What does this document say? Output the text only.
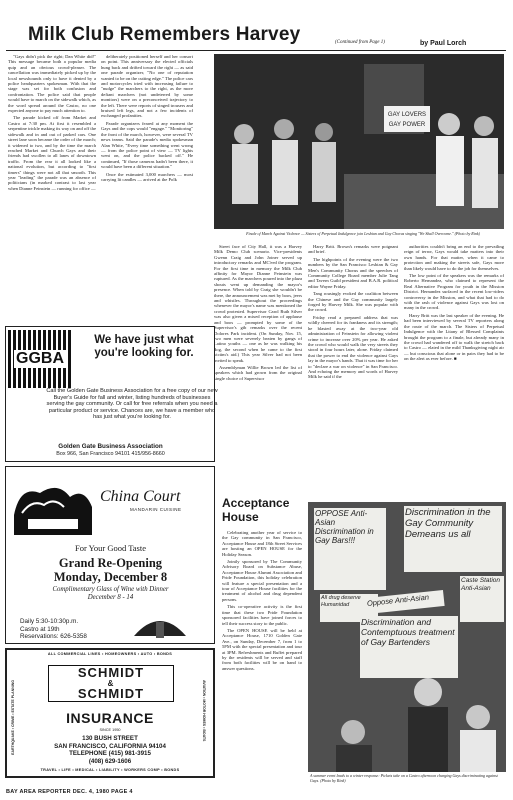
Milk Club Remembers Harvey	(Continued from Page 1)	by Paul Lorch

"Gays didn't pick the right; Dan White did!" This message became both a popular media quip and an obvious crowd-pleaser. The cancellation was immediately picked up by the local newshounds only to have it denied by a police headquarters spokesman. With that the stage was set for both confusion and confrontation. The police said that people would have to march on the sidewalk which, as the word spread around the Castro, no one expected anyone to pay much attention to.

The parade kicked off from Market and Castro at 7:30 pm. At first it resembled a serpentine trickle making its way on and off the sidewalk and in and out of parked cars. One street lane soon became the order of the march; it widened to two, and by the time the march reached Market and Church Gays and their friends had swollen to all lanes of downtown traffic. From the rear it all looked like a national evolution, but according to "first timers" things were not all that smooth. This year "leading" the parade was an absence of politicians (in marked contrast to last year when Dianne Feinstein — running for office —

deliberately positioned herself and her consort on point. This anniversary the elected officials hung back and drifted toward the right — as said one parade organizer, "No one of reputation wanted to be on the cutting edge." The police cars and motorcycles tried with increasing failure to "nudge" the marchers to the right, as the more defiant marchers (not undeterred by some monitors) were on a preconceived trajectory to the left. There were reports of singed trousers and bruised left legs, and not a few incidents of exchanged profanities.

Parade organizers feared at any moment the Gays and the cops would "engage." "Monitoring" the front of the march, however, were several TV news teams. Said the parade's media spokesman Alan White, "Every time something went wrong — from the police point of view — TV lights went on, and the police backed off." He continued, "If those cameras hadn't been there, it would have been a different situation."

Once the estimated 3,000 marchers — most carrying lit candles — arrived at the Polk

GAY LOVERS
GAY POWER
Finale of March Against Violence — Sisters of Perpetual Indulgence join Lesbian and Gay Chorus singing "We Shall Overcome." (Photo by Rink)

Street face of City Hall, it was a Harvey Milk Demo Club scenario. Vice-presidents Gwenn Craig and John Joiner served up introductory remarks and MC'eed the program. For the first time in memory the Milk Club affinity for Mayor Dianne Feinstein was ruptured. As the marchers poured into the plaza shouts went up demanding the mayor's presence. When told by Craig she wouldn't be there, the announcement was met by boos, jeers and whistles. Throughout the proceedings whenever the mayor's name was mentioned the crowd protested. Supervisor Carol Ruth Silver was also given a mixed reception of applause and boos — prompted by some of the Supervisor's gib remarks over the recent Dolores Park incident. (On Sunday, Nov. 15, two men were severely beaten by gangs of Latino youths — one as he was walking his dog, the second when he came to the first victim's aid.) This year Silver had not been invited to speak.

Assemblyman Willie Brown led the list of speakers which had grown from the original single choice of Supervisor

Harry Britt. Brown's remarks were poignant and brief.

The highpoints of the evening were the two numbers by the San Francisco Lesbian & Gay Men's Community Chorus and the speeches of Community College Board member Julie Tang and Tavern Guild president and B.A.R. political editor Wayne Friday.

Tang rousingly evoked the coalition between the Chinese and the Gay community largely forged by Harvey Milk. She was popular with the crowd.

Friday read a prepared address that was wildly cheered for its frankness and its strength; he blasted away at the two-year old administration of Feinstein for allowing violent crime to increase over 20% per year. He asked the crowd who would walk the very streets they stood in four hours later, alone. Friday claimed that the power to end the violence against Gays lay in the mayor's hands. That it was time for her to "declare a war on violence" in San Francisco. And echoing the memory and words of Harvey Milk he said if the

authorities couldn't bring an end to the prevailing reign of terror, Gays would take matters into their own hands. For that matter, when it came to protection and making the streets safe, Gays more than likely would have to do the job for themselves.

The low point of the speakers was the remarks of Roberto Hernandez, who claimed to represent the Real Alternative Program for youth in the Mission District. Hernandez surfaced in the recent low-riders controversy in the Mission, and what that had to do with the rash of violence against Gays was lost on many in the crowd.

Harry Britt was the last speaker of the evening. He had been interviewed by several TV reporters along the route of the march. The Sisters of Perpetual Indulgence with the Litany of Blessed Complaints brought the program to a finale, but already many in the crowd had wandered off to walk the stretch back to Castro — elated in the mild Thanksgiving night air — but conscious that alone or in pairs they had to be on the alert as ever before. ■

GGBA
We have just what you're looking for.
Call the Golden Gate Business Association for a free copy of our new Buyer's Guide for fall and winter, listing hundreds of businesses serving the gay community. Or call for free referrals when you need a particular product or service. Chances are, we have a member who has just what you're looking for.
Golden Gate Business Association
Box 966, San Francisco 94101 415/956-8660
China Court
MANDARIN CUISINE
For Your Good Taste
Grand Re-Opening
Monday, December 8
Complimentary Glass of Wine with Dinner
December 8 - 14
Daily 5:30-10:30p.m.
Castro at 19th
Reservations: 626-5358
ALL COMMERCIAL LINES • HOMEOWNERS • AUTO • BONDS
EARTHQUAKE • CRIME • ESTATE PLANNING	AVIATION • MOTOR HOMES • BOATS
SCHMIDT
&
SCHMIDT
INSURANCE
SINCE 1950
130 BUSH STREET
SAN FRANCISCO, CALIFORNIA 94104
TELEPHONE (415) 981-3915
(408) 629-1606
TRAVEL • LIFE • MEDICAL • LIABILITY • WORKERS COMP • BONDS
Acceptance House

Celebrating another year of service to the Gay community in San Francisco, Acceptance House and 18th Street Services are hosting an OPEN HOUSE for the Holiday Season.

Jointly sponsored by The Community Advisory Board on Substance Abuse, Acceptance House Alumni Association and Pride Foundation, this holiday celebration will feature a special presentation and a tour of Acceptance House facilities for the treatment of alcohol and drug dependent persons.

This co-operative activity is the first time that these two Pride Foundation sponsored facilities have joined forces to tell their success story to the public.

The OPEN HOUSE will be held at Acceptance House, 1710 Golden Gate Ave., on Sunday, December 7, from 1 to 5PM with the special presentation and tour at 3PM. Refreshments and Buffet prepared by the residents will be served and staff from both facilities will be on hand to answer questions.

OPPOSE Anti-Asian Discrimination in Gay Bars!!!
All drug deserve Humanidad
Discrimination in the Gay Community Demeans us all
Oppose Anti-Asian
Discrimination and Contemptuous treatment of Gay Bartenders
Caste Station Anti-Asian
A summer event leads to a winter response: Pickets take on a Castro afternoon charging Gays discriminating against Gays. (Photo by Rink)
BAY AREA REPORTER DEC. 4, 1980 PAGE 4
